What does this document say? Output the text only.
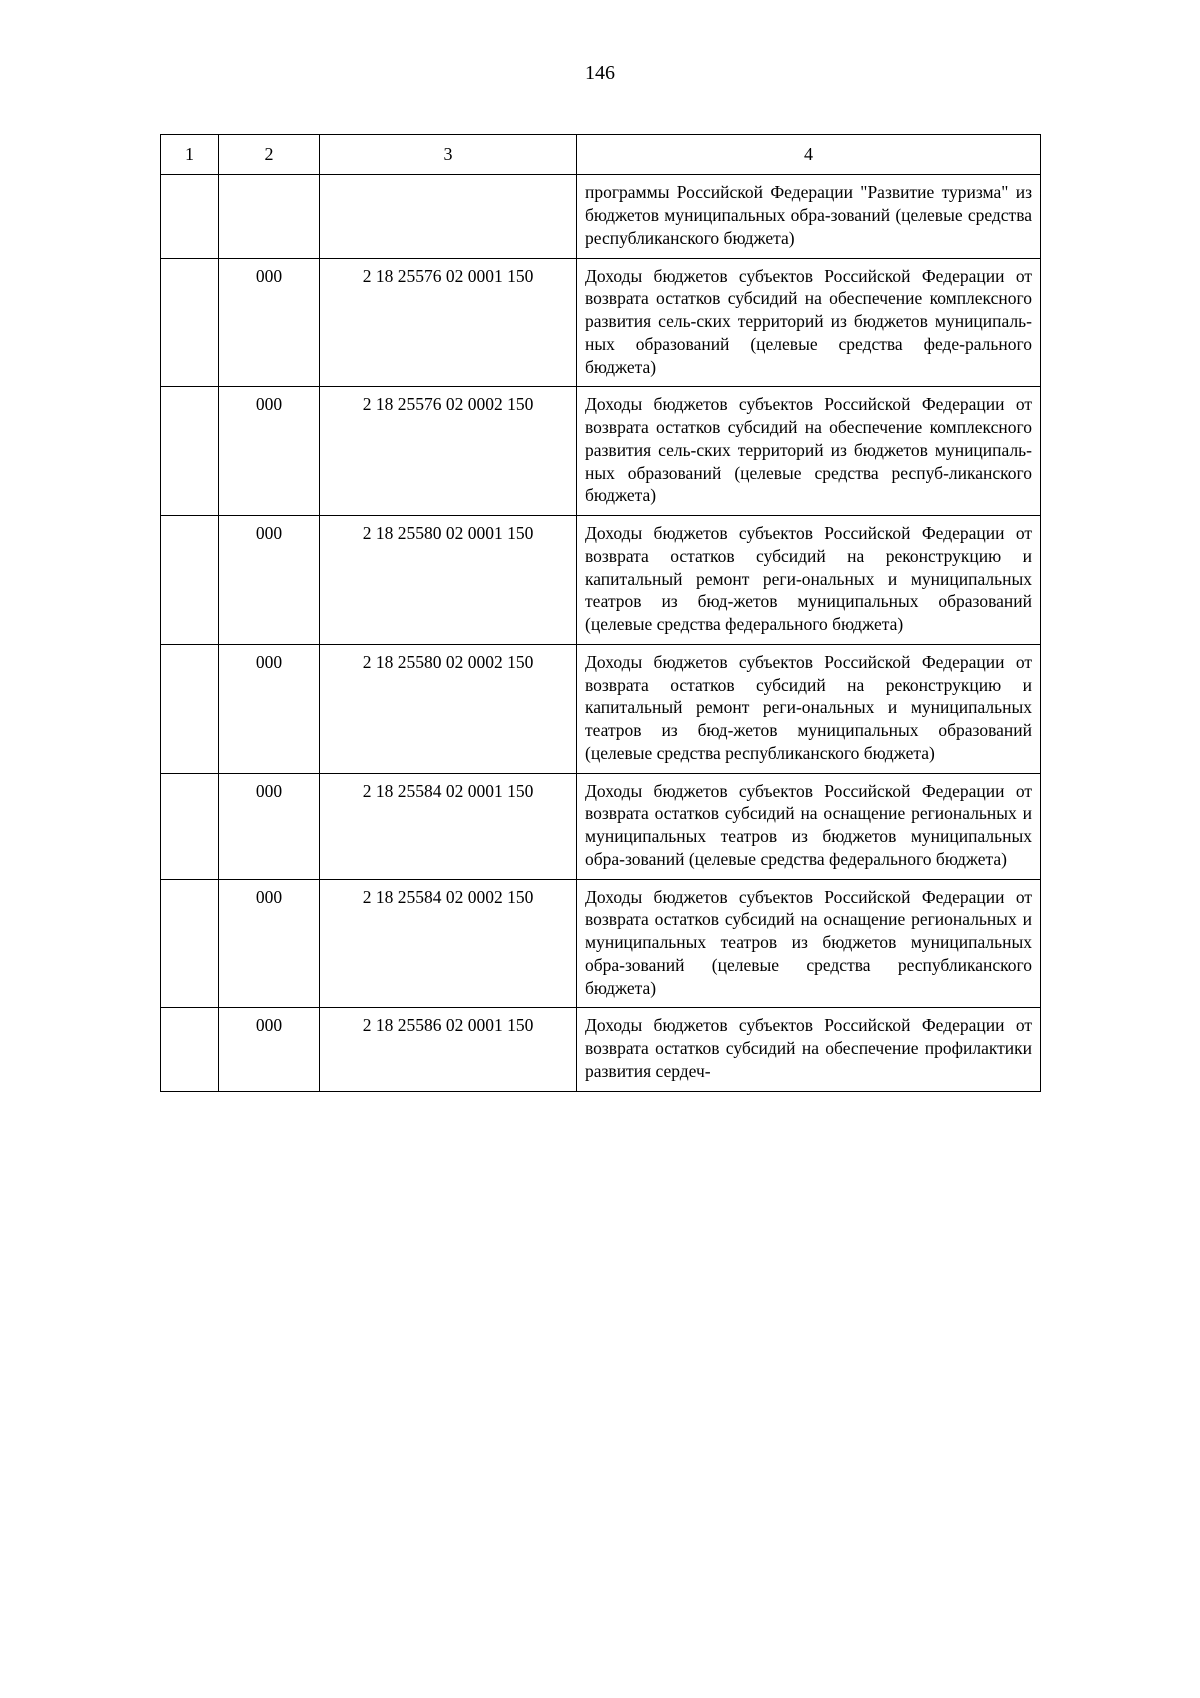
146
1	2	3	4
			программы Российской Федерации "Развитие туризма" из бюджетов муниципальных обра-зований (целевые средства республиканского бюджета)
	000	2 18 25576 02 0001 150	Доходы бюджетов субъектов Российской Федерации от возврата остатков субсидий на обеспечение комплексного развития сель-ских территорий из бюджетов муниципаль-ных образований (целевые средства феде-рального бюджета)
	000	2 18 25576 02 0002 150	Доходы бюджетов субъектов Российской Федерации от возврата остатков субсидий на обеспечение комплексного развития сель-ских территорий из бюджетов муниципаль-ных образований (целевые средства респуб-ликанского бюджета)
	000	2 18 25580 02 0001 150	Доходы бюджетов субъектов Российской Федерации от возврата остатков субсидий на реконструкцию и капитальный ремонт реги-ональных и муниципальных театров из бюд-жетов муниципальных образований (целевые средства федерального бюджета)
	000	2 18 25580 02 0002 150	Доходы бюджетов субъектов Российской Федерации от возврата остатков субсидий на реконструкцию и капитальный ремонт реги-ональных и муниципальных театров из бюд-жетов муниципальных образований (целевые средства республиканского бюджета)
	000	2 18 25584 02 0001 150	Доходы бюджетов субъектов Российской Федерации от возврата остатков субсидий на оснащение региональных и муниципальных театров из бюджетов муниципальных обра-зований (целевые средства федерального бюджета)
	000	2 18 25584 02 0002 150	Доходы бюджетов субъектов Российской Федерации от возврата остатков субсидий на оснащение региональных и муниципальных театров из бюджетов муниципальных обра-зований (целевые средства республиканского бюджета)
	000	2 18 25586 02 0001 150	Доходы бюджетов субъектов Российской Федерации от возврата остатков субсидий на обеспечение профилактики развития сердеч-
